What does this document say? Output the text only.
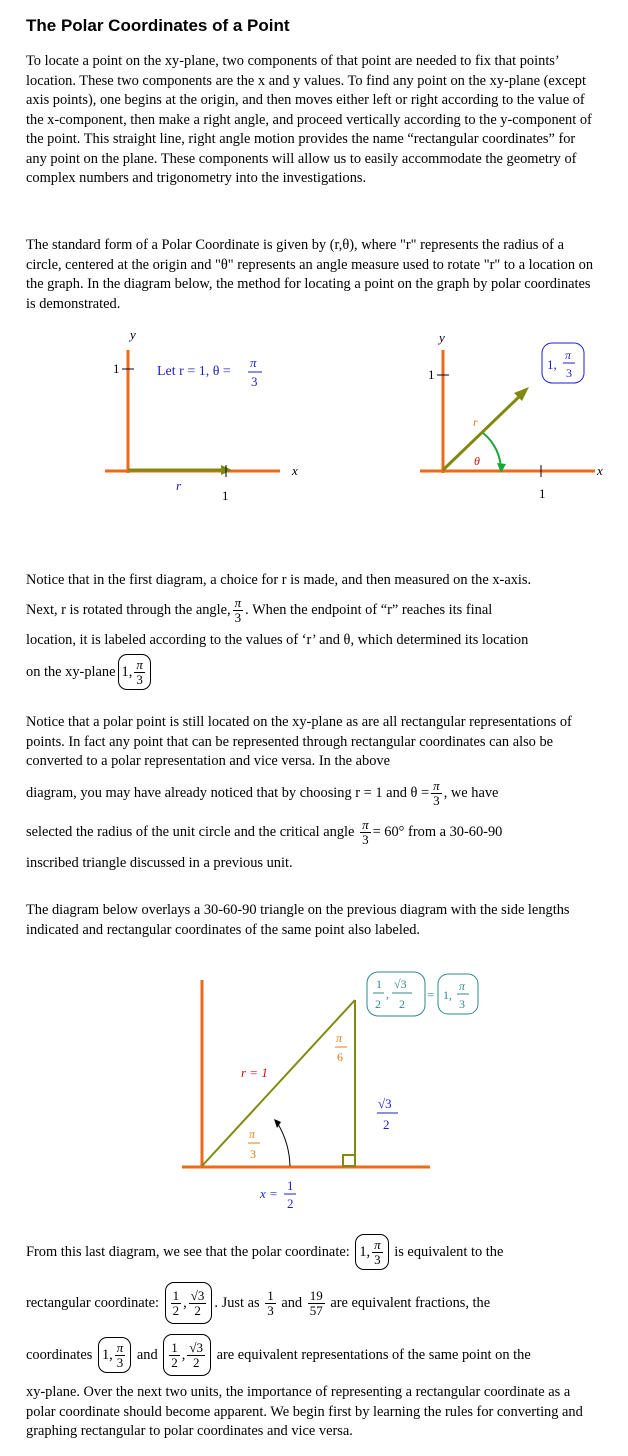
The Polar Coordinates of a Point

To locate a point on the xy-plane, two components of that point are needed to fix that points’ location. These two components are the x and y values. To find any point on the xy-plane (except axis points), one begins at the origin, and then moves either left or right according to the value of the x-component, then make a right angle, and proceed vertically according to the y-component of the point. This straight line, right angle motion provides the name “rectangular coordinates” for any point on the plane. These components will allow us to easily accommodate the geometry of complex numbers and trigonometry into the investigations.

The standard form of a Polar Coordinate is given by (r,θ), where "r" represents the radius of a circle, centered at the origin and "θ" represents an angle measure used to rotate "r" to a location on the graph. In the diagram below, the method for locating a point on the graph by polar coordinates is demonstrated.

y
x
1
1
r
Let r = 1, θ =
π
3
y
x
1
1
r
θ
1,
π
3
Notice that in the first diagram, a choice for r is made, and then measured on the x-axis.
Next, r is rotated through the angle, $\frac{\pi}{3}$ . When the endpoint of “r” reaches its final
location, it is labeled according to the values of ‘r’ and θ, which determined its location
on the xy-plane 1, $\frac{\pi}{3}$

Notice that a polar point is still located on the xy-plane as are all rectangular representations of points. In fact any point that can be represented through rectangular coordinates can also be converted to a polar representation and vice versa. In the above

diagram, you may have already noticed that by choosing r = 1 and $\theta = \frac{\pi}{3}$ , we have
selected the radius of the unit circle and the critical angle
$\frac{\pi}{3} = 60^\circ$ from a 30-60-90
inscribed triangle discussed in a previous unit.

The diagram below overlays a 30-60-90 triangle on the previous diagram with the side lengths indicated and rectangular coordinates of the same point also labeled.

r = 1
π
6
π
3
√3
2
x =
1
2
1
2
,
√3
2
= 1,
π
3
From this last diagram, we see that the polar coordinate:
1, $\frac{\pi}{3}$
is equivalent to the
rectangular coordinate:
$\frac{1}{2}$ , $\frac{√3}{2}$ . Just as
$\frac{1}{3}$
and
$\frac{19}{57}$
are equivalent fractions, the
coordinates
1, $\frac{\pi}{3}$
and
$\frac{1}{2}$ , $\frac{√3}{2}$
are equivalent representations of the same point on the

xy-plane. Over the next two units, the importance of representing a rectangular coordinate as a polar coordinate should become apparent. We begin first by learning the rules for converting and graphing rectangular to polar coordinates and vice versa.
